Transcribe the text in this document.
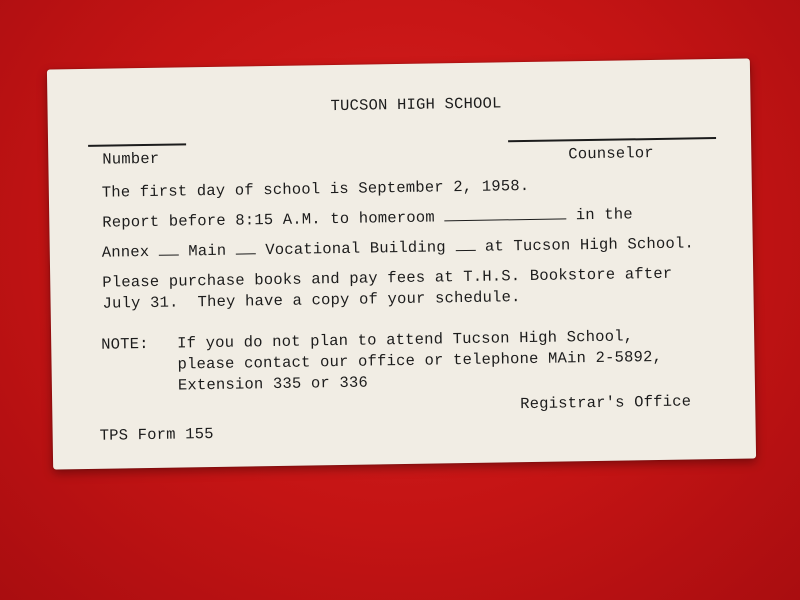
TUCSON HIGH SCHOOL
Number	Counselor
The first day of school is September 2, 1958.
Report before 8:15 A.M. to homeroom	in the
Annex Main Vocational Building at Tucson High School.
Please purchase books and pay fees at T.H.S. Bookstore after
July 31.  They have a copy of your schedule.
NOTE: If you do not plan to attend Tucson High School,
please contact our office or telephone MAin 2-5892,
Extension 335 or 336
Registrar's Office
TPS Form 155
